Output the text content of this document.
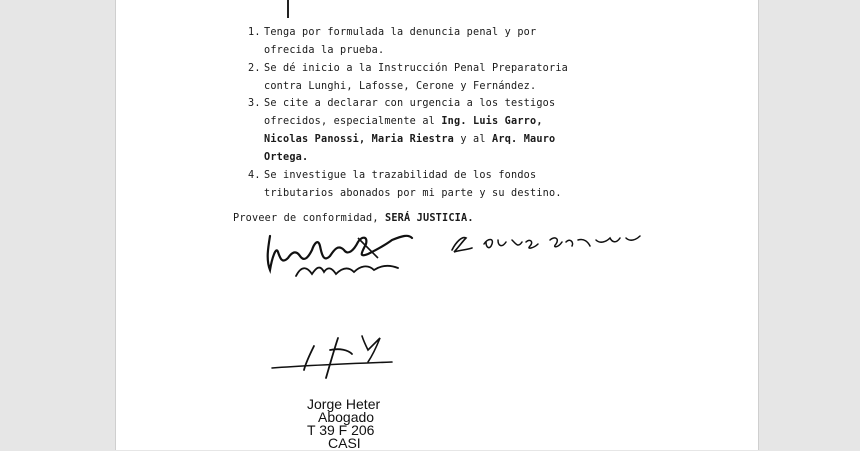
1. Tenga por formulada la denuncia penal y por
ofrecida la prueba.
2. Se dé inicio a la Instrucción Penal Preparatoria
contra Lunghi, Lafosse, Cerone y Fernández.
3. Se cite a declarar con urgencia a los testigos
ofrecidos, especialmente al Ing. Luis Garro,
Nicolas Panossi, Maria Riestra y al Arq. Mauro
Ortega.
4. Se investigue la trazabilidad de los fondos
tributarios abonados por mi parte y su destino.
Proveer de conformidad, SERÁ JUSTICIA.
Jorge Heter
Abogado
T 39 F 206
CASI
